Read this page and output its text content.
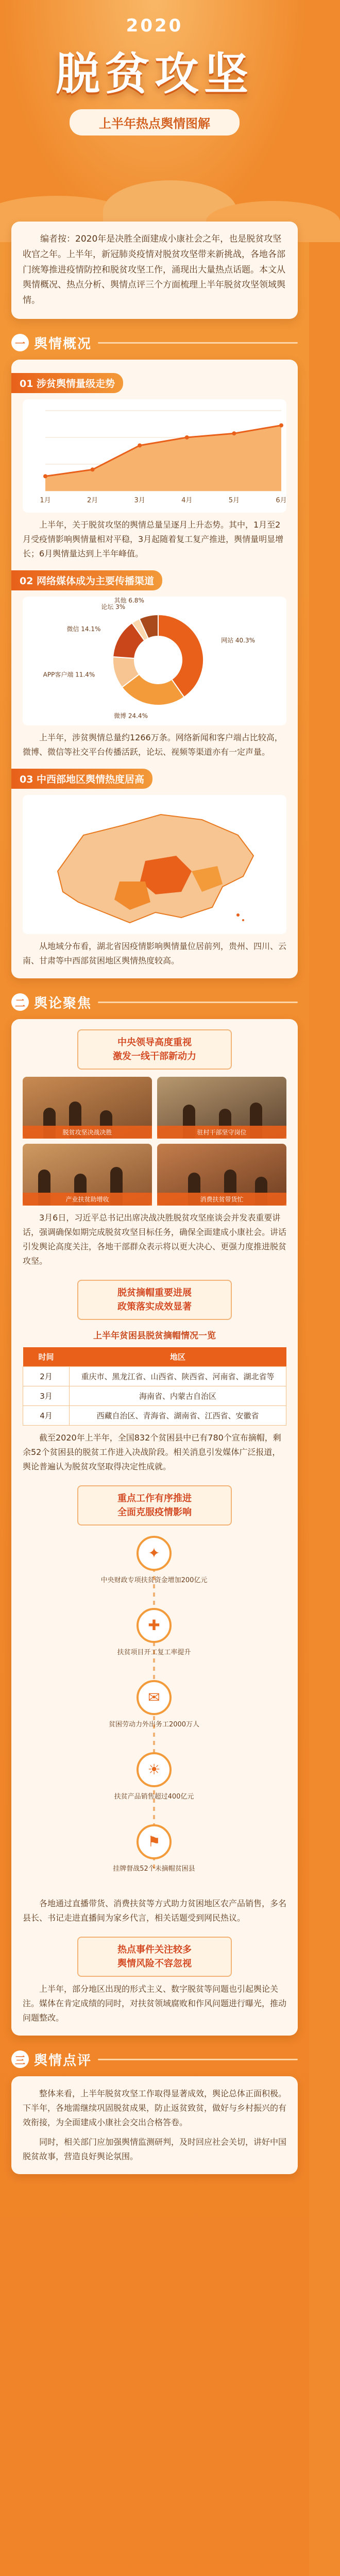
2020
脱贫攻坚
上半年热点舆情图解

编者按：2020年是决胜全面建成小康社会之年，也是脱贫攻坚收官之年。上半年，新冠肺炎疫情对脱贫攻坚带来新挑战，各地各部门统筹推进疫情防控和脱贫攻坚工作，涌现出大量热点话题。本文从舆情概况、热点分析、舆情点评三个方面梳理上半年脱贫攻坚领域舆情。

一 舆情概况
01 涉贫舆情量级走势
1月	2月	3月	4月	5月	6月

上半年，关于脱贫攻坚的舆情总量呈逐月上升态势。其中，1月至2月受疫情影响舆情量相对平稳，3月起随着复工复产推进，舆情量明显增长；6月舆情量达到上半年峰值。

02 网络媒体成为主要传播渠道
网站 40.3%
微博 24.4%
APP客户端 11.4%
微信 14.1%
论坛 3%
其他 6.8%

上半年，涉贫舆情总量约1266万条。网络新闻和客户端占比较高，微博、微信等社交平台传播活跃，论坛、视频等渠道亦有一定声量。

03 中西部地区舆情热度居高

从地域分布看，湖北省因疫情影响舆情量位居前列，贵州、四川、云南、甘肃等中西部贫困地区舆情热度较高。

二 舆论聚焦
中央领导高度重视
激发一线干部新动力
脱贫攻坚决战决胜	驻村干部坚守岗位
产业扶贫助增收	消费扶贫带货忙

3月6日，习近平总书记出席决战决胜脱贫攻坚座谈会并发表重要讲话，强调确保如期完成脱贫攻坚目标任务，确保全面建成小康社会。讲话引发舆论高度关注，各地干部群众表示将以更大决心、更强力度推进脱贫攻坚。

脱贫摘帽重要进展
政策落实成效显著
上半年贫困县脱贫摘帽情况一览
时间	地区
2月	重庆市、黑龙江省、山西省、陕西省、河南省、湖北省等
3月	海南省、内蒙古自治区
4月	西藏自治区、青海省、湖南省、江西省、安徽省

截至2020年上半年，全国832个贫困县中已有780个宣布摘帽，剩余52个贫困县的脱贫工作进入决战阶段。相关消息引发媒体广泛报道，舆论普遍认为脱贫攻坚取得决定性成就。

重点工作有序推进
全面克服疫情影响
✦
中央财政专项扶贫资金增加200亿元
✚
扶贫项目开工复工率提升
✉
贫困劳动力外出务工2000万人
☀
扶贫产品销售超过400亿元
⚑
挂牌督战52个未摘帽贫困县

各地通过直播带货、消费扶贫等方式助力贫困地区农产品销售，多名县长、书记走进直播间为家乡代言，相关话题受到网民热议。

热点事件关注较多
舆情风险不容忽视

上半年，部分地区出现的形式主义、数字脱贫等问题也引起舆论关注。媒体在肯定成绩的同时，对扶贫领域腐败和作风问题进行曝光，推动问题整改。

三 舆情点评

整体来看，上半年脱贫攻坚工作取得显著成效，舆论总体正面积极。下半年，各地需继续巩固脱贫成果，防止返贫致贫，做好与乡村振兴的有效衔接，为全面建成小康社会交出合格答卷。

同时，相关部门应加强舆情监测研判，及时回应社会关切，讲好中国脱贫故事，营造良好舆论氛围。
